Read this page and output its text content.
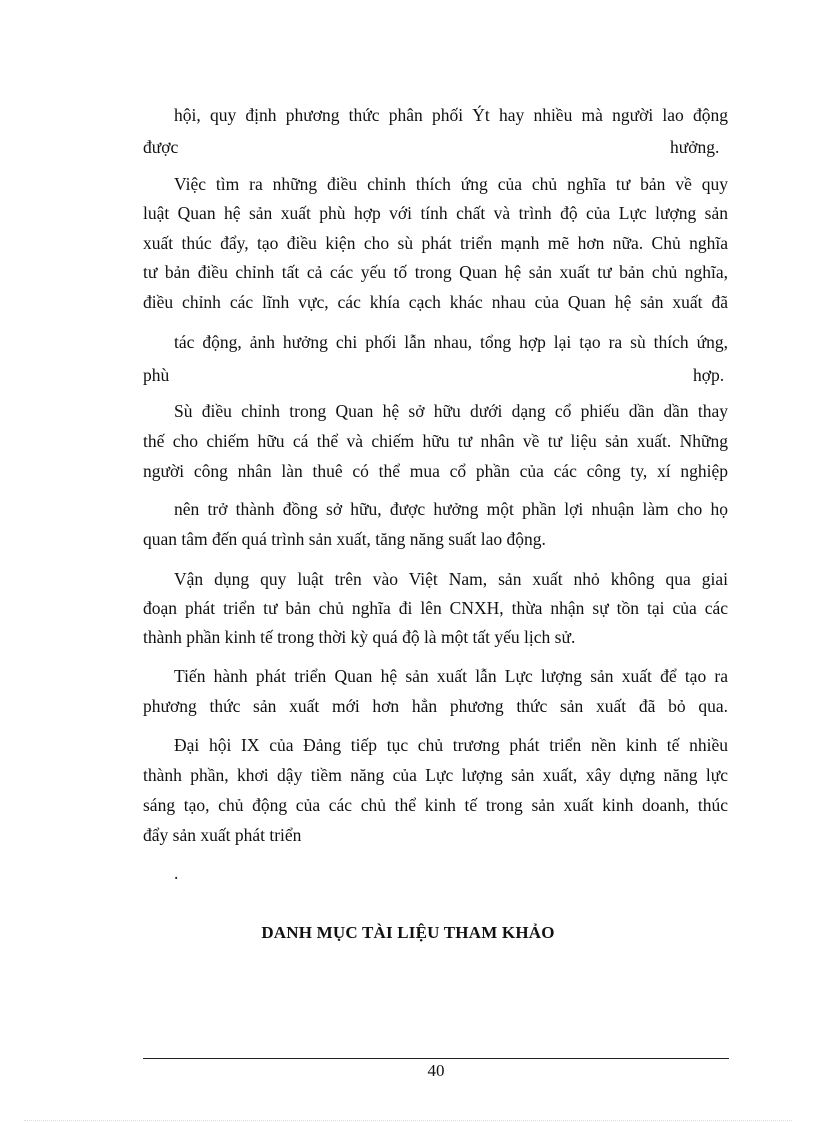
hội, quy định phương thức phân phối Ýt hay nhiều mà người lao động
được	hưởng.
Việc tìm ra những điều chỉnh thích ứng của chủ nghĩa tư bản về quy
luật Quan hệ sản xuất phù hợp với tính chất và trình độ của Lực lượng sản
xuất thúc đẩy, tạo điều kiện cho sù phát triển mạnh mẽ hơn nữa. Chủ nghĩa
tư bản điều chỉnh tất cả các yếu tố trong Quan hệ sản xuất tư bản chủ nghĩa,
điều chỉnh các lĩnh vực, các khía cạch khác nhau của Quan hệ sản xuất đã
tác động, ảnh hưởng chi phối lẫn nhau, tổng hợp lại tạo ra sù thích ứng,
phù	hợp.
Sù điều chỉnh trong Quan hệ sở hữu dưới dạng cổ phiếu dần dần thay
thế cho chiếm hữu cá thể và chiếm hữu tư nhân về tư liệu sản xuất. Những
người công nhân làn thuê có thể mua cổ phần của các công ty, xí nghiệp
nên trở thành đồng sở hữu, được hưởng một phần lợi nhuận làm cho họ
quan tâm đến quá trình sản xuất, tăng năng suất lao động.
Vận dụng quy luật trên vào Việt Nam, sản xuất nhỏ không qua giai
đoạn phát triển tư bản chủ nghĩa đi lên CNXH, thừa nhận sự tồn tại của các
thành phần kinh tế trong thời kỳ quá độ là một tất yếu lịch sử.
Tiến hành phát triển Quan hệ sản xuất lẫn Lực lượng sản xuất để tạo ra
phương thức sản xuất mới hơn hẳn phương thức sản xuất đã bỏ qua.
Đại hội IX của Đảng tiếp tục chủ trương phát triển nền kinh tế nhiều
thành phần, khơi dậy tiềm năng của Lực lượng sản xuất, xây dựng năng lực
sáng tạo, chủ động của các chủ thể kinh tế trong sản xuất kinh doanh, thúc
đẩy sản xuất phát triển
.
DANH MỤC TÀI LIỆU THAM KHẢO
40
